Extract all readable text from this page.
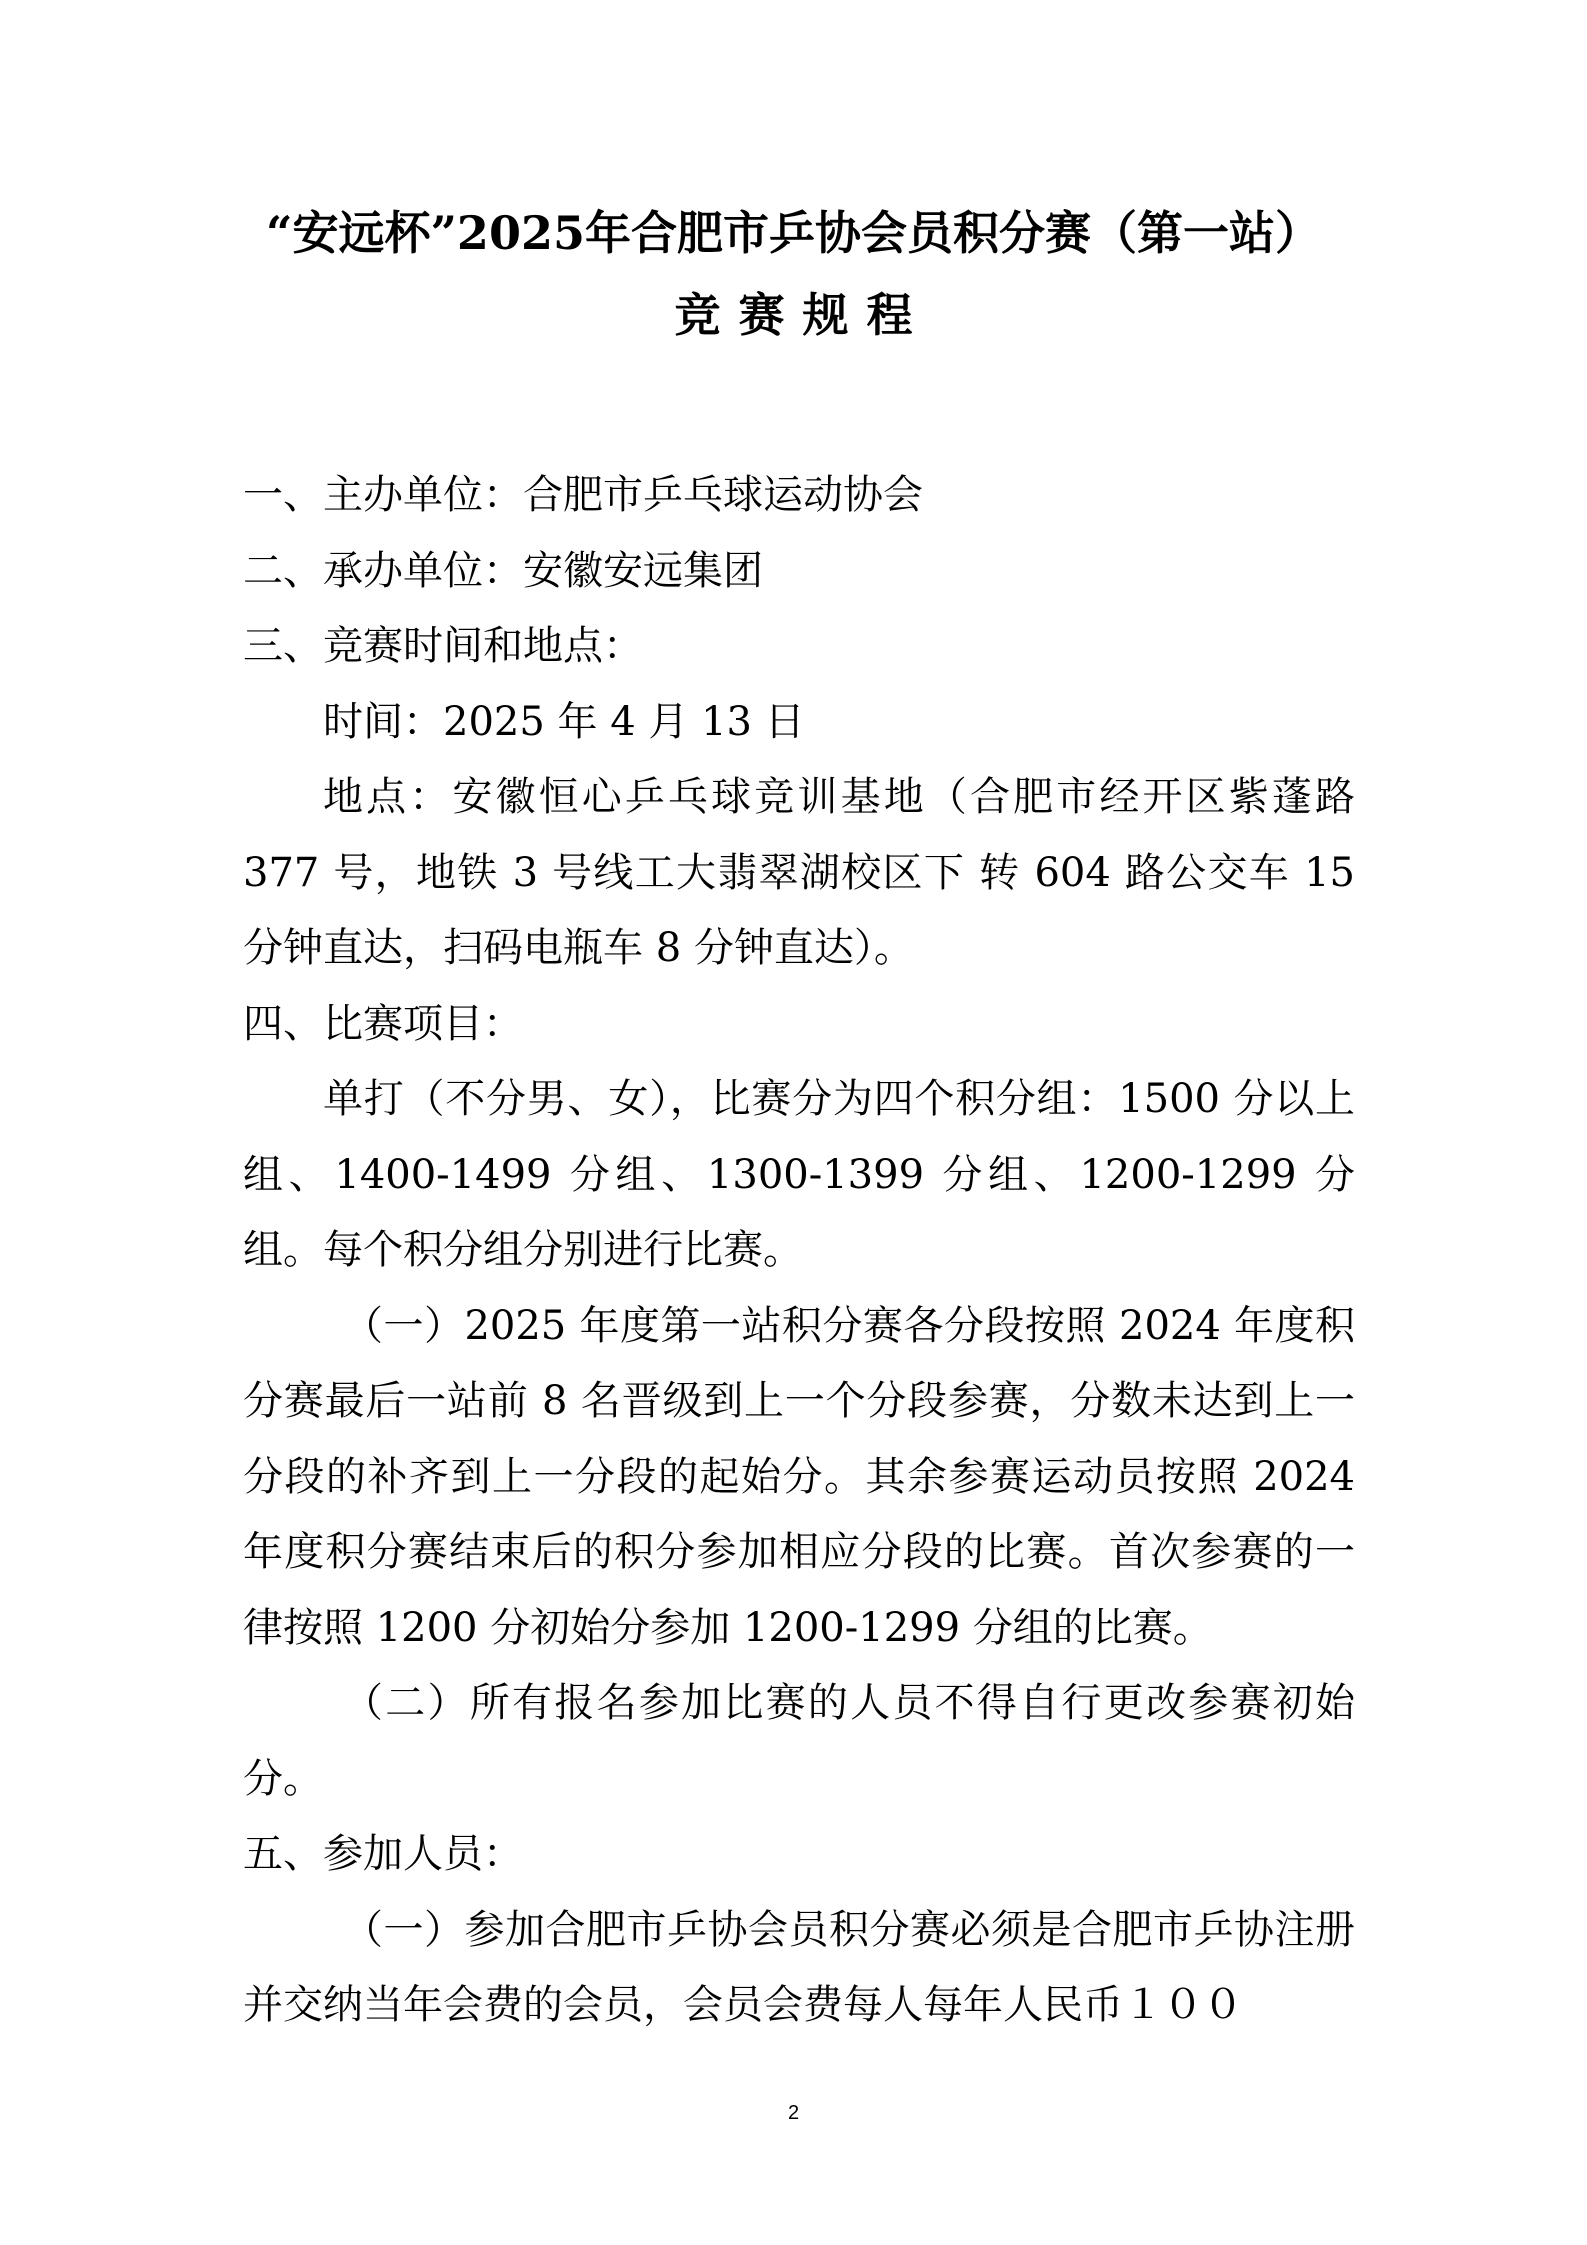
“安远杯”2025年合肥市乒协会员积分赛（第一站）
竞赛规程

一、主办单位：合肥市乒乓球运动协会

二、承办单位：安徽安远集团

三、竞赛时间和地点：

时间：2025 年 4 月 13 日

地点：安徽恒心乒乓球竞训基地（合肥市经开区紫蓬路 377 号，地铁 3 号线工大翡翠湖校区下 转 604 路公交车 15 分钟直达，扫码电瓶车 8 分钟直达）。

四、比赛项目：

单打（不分男、女），比赛分为四个积分组：1500 分以上组、1400-1499 分组、1300-1399 分组、1200-1299 分组。每个积分组分别进行比赛。

（一）2025 年度第一站积分赛各分段按照 2024 年度积分赛最后一站前 8 名晋级到上一个分段参赛，分数未达到上一分段的补齐到上一分段的起始分。其余参赛运动员按照 2024 年度积分赛结束后的积分参加相应分段的比赛。首次参赛的一律按照 1200 分初始分参加 1200-1299 分组的比赛。

（二）所有报名参加比赛的人员不得自行更改参赛初始分。

五、参加人员：

（一）参加合肥市乒协会员积分赛必须是合肥市乒协注册并交纳当年会费的会员，会员会费每人每年人民币１００

2
